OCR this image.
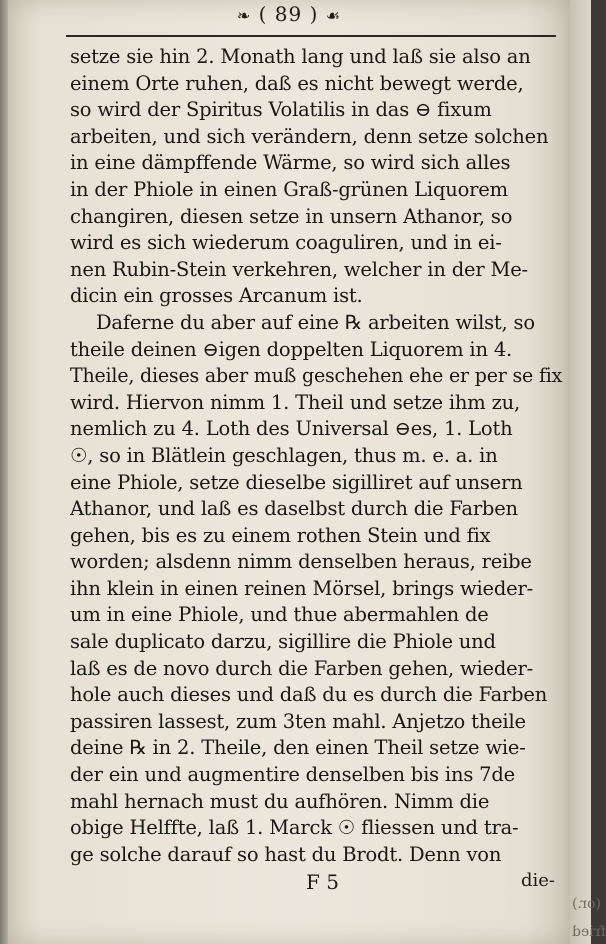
❧ ( 89 ) ☙
setze sie hin 2. Monath lang und laß sie also an
einem Orte ruhen, daß es nicht bewegt werde,
so wird der Spiritus Volatilis in das ⊖ fixum
arbeiten, und sich verändern, denn setze solchen
in eine dämpffende Wärme, so wird sich alles
in der Phiole in einen Graß-grünen Liquorem
changiren, diesen setze in unsern Athanor, so
wird es sich wiederum coaguliren, und in ei-
nen Rubin-Stein verkehren, welcher in der Me-
dicin ein grosses Arcanum ist.
Daferne du aber auf eine ℞ arbeiten wilst, so
theile deinen ⊖igen doppelten Liquorem in 4.
Theile, dieses aber muß geschehen ehe er per se fix
wird. Hiervon nimm 1. Theil und setze ihm zu,
nemlich zu 4. Loth des Universal ⊖es, 1. Loth
☉, so in Blätlein geschlagen, thus m. e. a. in
eine Phiole, setze dieselbe sigilliret auf unsern
Athanor, und laß es daselbst durch die Farben
gehen, bis es zu einem rothen Stein und fix
worden; alsdenn nimm denselben heraus, reibe
ihn klein in einen reinen Mörsel, brings wieder-
um in eine Phiole, und thue abermahlen de
sale duplicato darzu, sigillire die Phiole und
laß es de novo durch die Farben gehen, wieder-
hole auch dieses und daß du es durch die Farben
passiren lassest, zum 3ten mahl. Anjetzo theile
deine ℞ in 2. Theile, den einen Theil setze wie-
der ein und augmentire denselben bis ins 7de
mahl hernach must du aufhören. Nimm die
obige Helffte, laß 1. Marck ☉ fliessen und tra-
ge solche darauf so hast du Brodt. Denn von
F 5	die-
(or.)
fried
